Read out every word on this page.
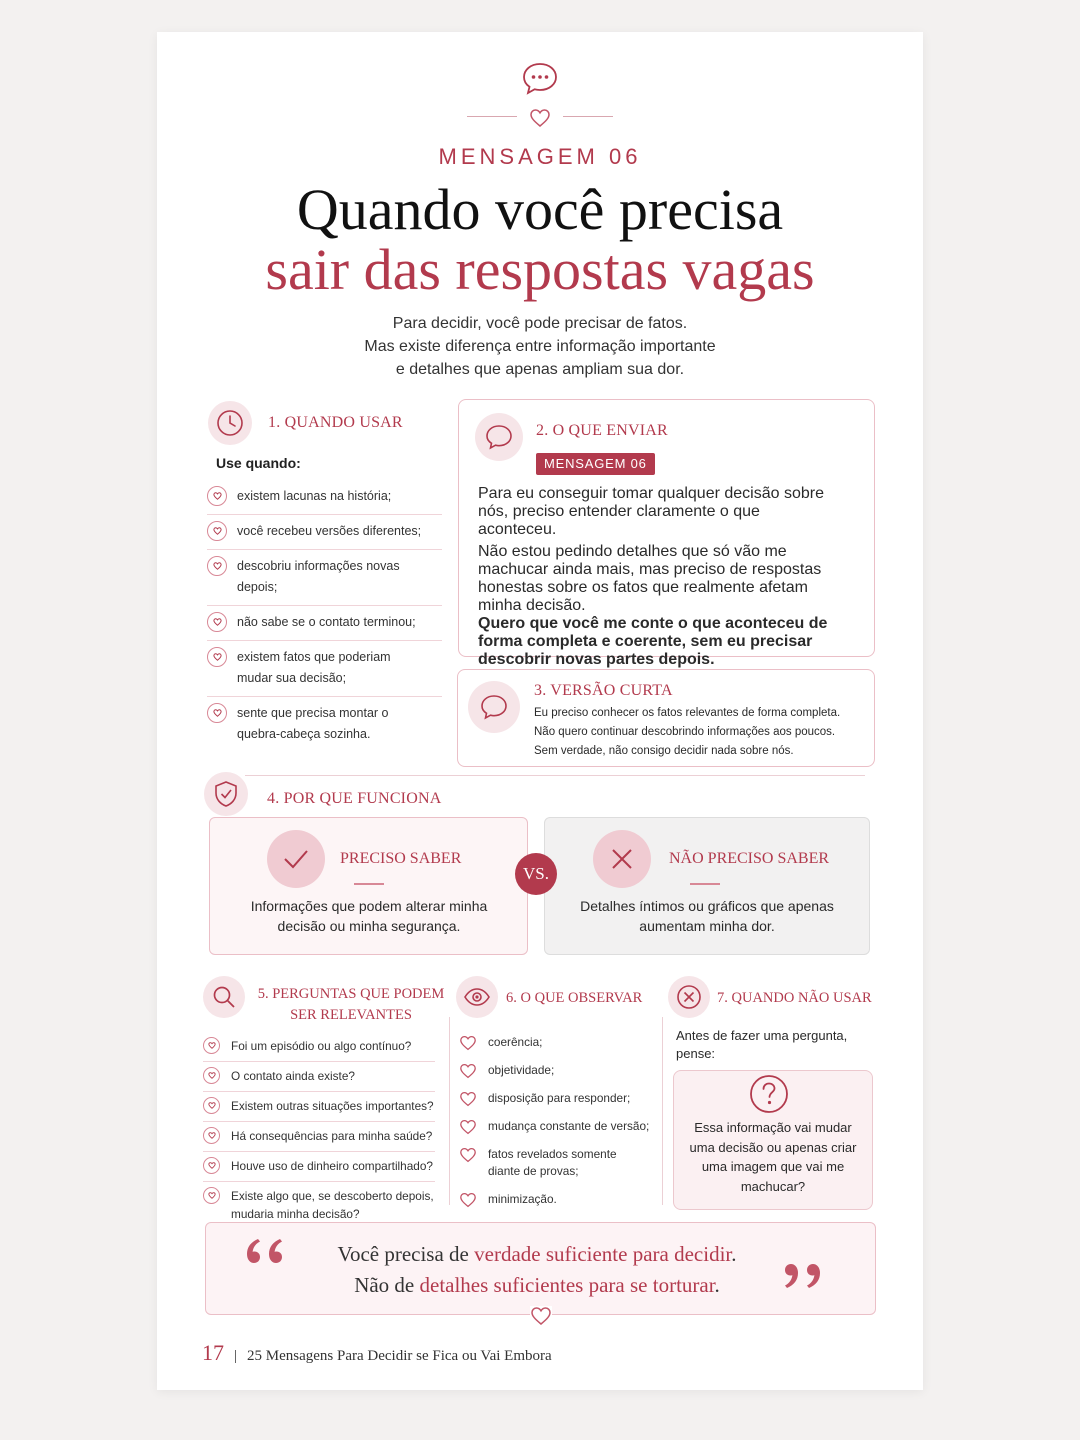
MENSAGEM 06
Quando você precisa
sair das respostas vagas
Para decidir, você pode precisar de fatos.
Mas existe diferença entre informação importante
e detalhes que apenas ampliam sua dor.
1. QUANDO USAR
Use quando:
existem lacunas na história;
você recebeu versões diferentes;
descobriu informações novas depois;
não sabe se o contato terminou;
existem fatos que poderiam mudar sua decisão;
sente que precisa montar o quebra-cabeça sozinha.
2. O QUE ENVIAR
MENSAGEM 06

Para eu conseguir tomar qualquer decisão sobre nós, preciso entender claramente o que aconteceu.

Não estou pedindo detalhes que só vão me machucar ainda mais, mas preciso de respostas honestas sobre os fatos que realmente afetam minha decisão.

Quero que você me conte o que aconteceu de forma completa e coerente, sem eu precisar descobrir novas partes depois.

3. VERSÃO CURTA
Eu preciso conhecer os fatos relevantes de forma completa.
Não quero continuar descobrindo informações aos poucos.
Sem verdade, não consigo decidir nada sobre nós.
4. POR QUE FUNCIONA
PRECISO SABER
Informações que podem alterar minha decisão ou minha segurança.
NÃO PRECISO SABER
Detalhes íntimos ou gráficos que apenas aumentam minha dor.
VS.
5. PERGUNTAS QUE PODEM
SER RELEVANTES
Foi um episódio ou algo contínuo?
O contato ainda existe?
Existem outras situações importantes?
Há consequências para minha saúde?
Houve uso de dinheiro compartilhado?
Existe algo que, se descoberto depois, mudaria minha decisão?
6. O QUE OBSERVAR
coerência;
objetividade;
disposição para responder;
mudança constante de versão;
fatos revelados somente diante de provas;
minimização.
7. QUANDO NÃO USAR
Antes de fazer uma pergunta, pense:
Essa informação vai mudar uma decisão ou apenas criar uma imagem que vai me machucar?
Você precisa de verdade suficiente para decidir.
Não de detalhes suficientes para se torturar.
17 | 25 Mensagens Para Decidir se Fica ou Vai Embora
